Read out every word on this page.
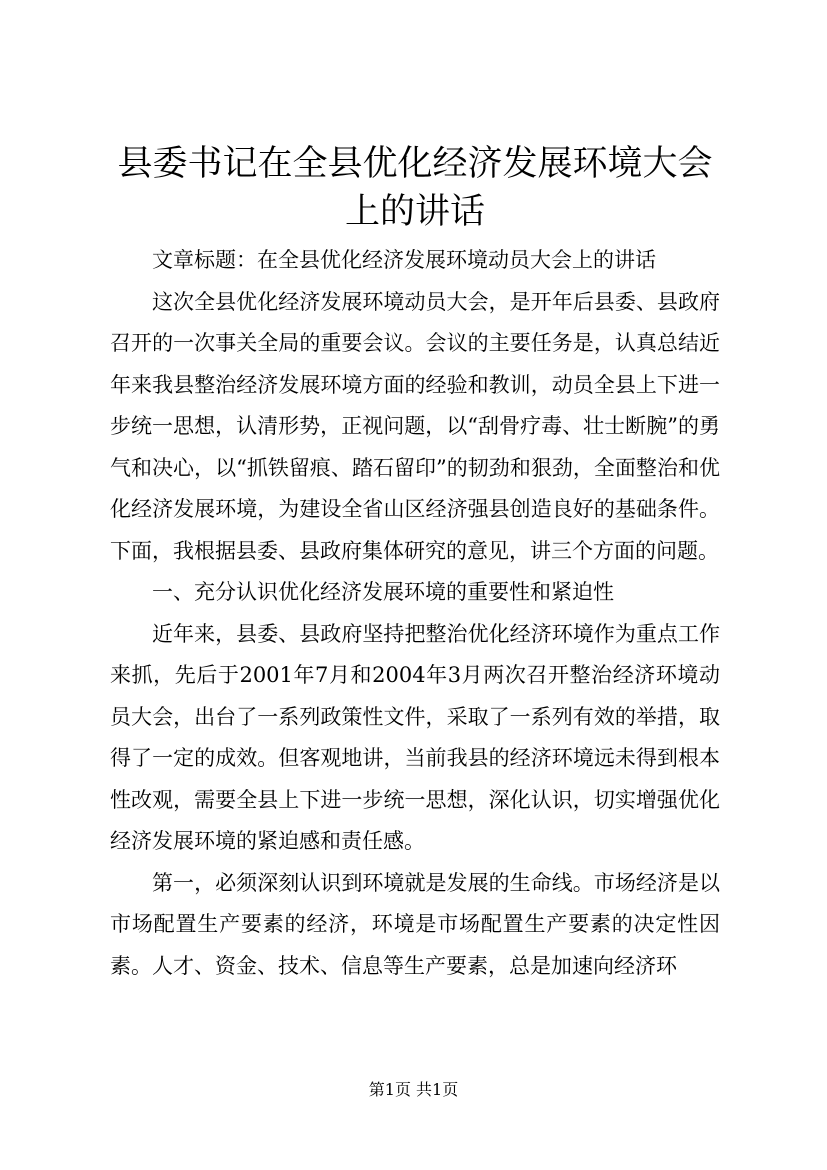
县委书记在全县优化经济发展环境大会上的讲话

文章标题：在全县优化经济发展环境动员大会上的讲话

这次全县优化经济发展环境动员大会，是开年后县委、县政府召开的一次事关全局的重要会议。会议的主要任务是，认真总结近年来我县整治经济发展环境方面的经验和教训，动员全县上下进一步统一思想，认清形势，正视问题，以“刮骨疗毒、壮士断腕”的勇气和决心，以“抓铁留痕、踏石留印”的韧劲和狠劲，全面整治和优化经济发展环境，为建设全省山区经济强县创造良好的基础条件。下面，我根据县委、县政府集体研究的意见，讲三个方面的问题。

一、充分认识优化经济发展环境的重要性和紧迫性

近年来，县委、县政府坚持把整治优化经济环境作为重点工作来抓，先后于2001年7月和2004年3月两次召开整治经济环境动员大会，出台了一系列政策性文件，采取了一系列有效的举措，取得了一定的成效。但客观地讲，当前我县的经济环境远未得到根本性改观，需要全县上下进一步统一思想，深化认识，切实增强优化经济发展环境的紧迫感和责任感。

第一，必须深刻认识到环境就是发展的生命线。市场经济是以市场配置生产要素的经济，环境是市场配置生产要素的决定性因素。人才、资金、技术、信息等生产要素，总是加速向经济环

第1页 共1页
